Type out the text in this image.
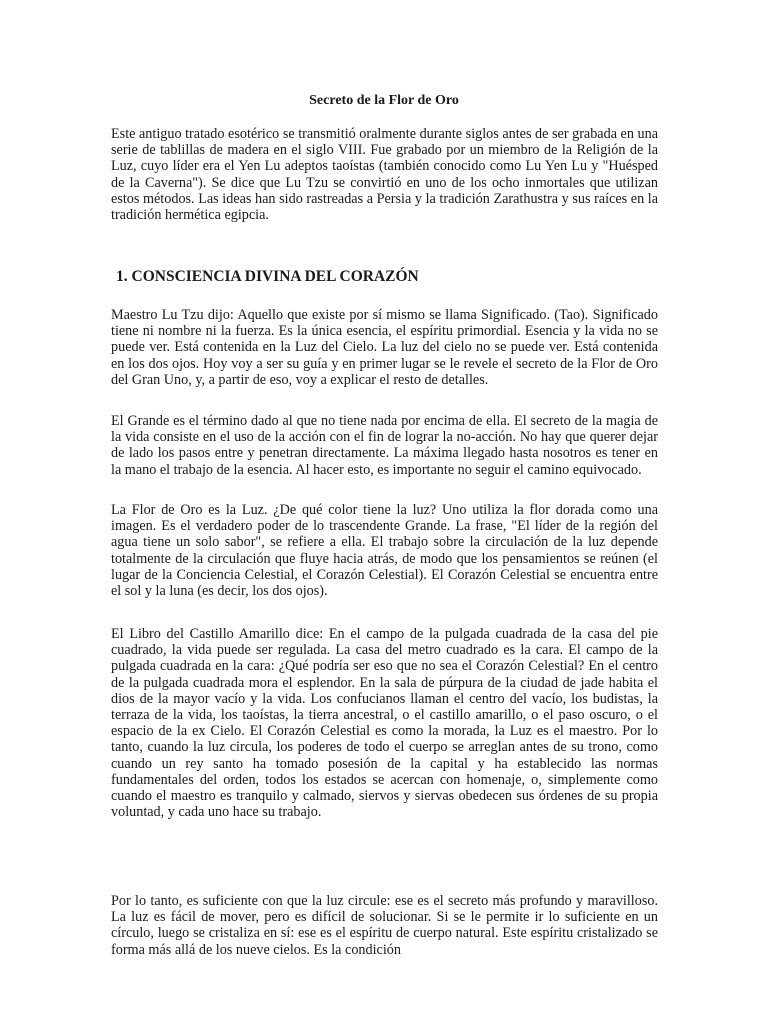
Secreto de la Flor de Oro

Este antiguo tratado esotérico se transmitió oralmente durante siglos antes de ser grabada en una serie de tablillas de madera en el siglo VIII. Fue grabado por un miembro de la Religión de la Luz, cuyo líder era el Yen Lu adeptos taoístas (también conocido como Lu Yen Lu y "Huésped de la Caverna"). Se dice que Lu Tzu se convirtió en uno de los ocho inmortales que utilizan estos métodos. Las ideas han sido rastreadas a Persia y la tradición Zarathustra y sus raíces en la tradición hermética egipcia.

1. CONSCIENCIA DIVINA DEL CORAZÓN

Maestro Lu Tzu dijo: Aquello que existe por sí mismo se llama Significado. (Tao). Significado tiene ni nombre ni la fuerza. Es la única esencia, el espíritu primordial. Esencia y la vida no se puede ver. Está contenida en la Luz del Cielo. La luz del cielo no se puede ver. Está contenida en los dos ojos. Hoy voy a ser su guía y en primer lugar se le revele el secreto de la Flor de Oro del Gran Uno, y, a partir de eso, voy a explicar el resto de detalles.

El Grande es el término dado al que no tiene nada por encima de ella. El secreto de la magia de la vida consiste en el uso de la acción con el fin de lograr la no-acción. No hay que querer dejar de lado los pasos entre y penetran directamente. La máxima llegado hasta nosotros es tener en la mano el trabajo de la esencia. Al hacer esto, es importante no seguir el camino equivocado.

La Flor de Oro es la Luz. ¿De qué color tiene la luz? Uno utiliza la flor dorada como una imagen. Es el verdadero poder de lo trascendente Grande. La frase, "El líder de la región del agua tiene un solo sabor", se refiere a ella. El trabajo sobre la circulación de la luz depende totalmente de la circulación que fluye hacia atrás, de modo que los pensamientos se reúnen (el lugar de la Conciencia Celestial, el Corazón Celestial). El Corazón Celestial se encuentra entre el sol y la luna (es decir, los dos ojos).

El Libro del Castillo Amarillo dice: En el campo de la pulgada cuadrada de la casa del pie cuadrado, la vida puede ser regulada. La casa del metro cuadrado es la cara. El campo de la pulgada cuadrada en la cara: ¿Qué podría ser eso que no sea el Corazón Celestial? En el centro de la pulgada cuadrada mora el esplendor. En la sala de púrpura de la ciudad de jade habita el dios de la mayor vacío y la vida. Los confucianos llaman el centro del vacío, los budistas, la terraza de la vida, los taoístas, la tierra ancestral, o el castillo amarillo, o el paso oscuro, o el espacio de la ex Cielo. El Corazón Celestial es como la morada, la Luz es el maestro. Por lo tanto, cuando la luz circula, los poderes de todo el cuerpo se arreglan antes de su trono, como cuando un rey santo ha tomado posesión de la capital y ha establecido las normas fundamentales del orden, todos los estados se acercan con homenaje, o, simplemente como cuando el maestro es tranquilo y calmado, siervos y siervas obedecen sus órdenes de su propia voluntad, y cada uno hace su trabajo.

Por lo tanto, es suficiente con que la luz circule: ese es el secreto más profundo y maravilloso. La luz es fácil de mover, pero es difícil de solucionar. Si se le permite ir lo suficiente en un círculo, luego se cristaliza en sí: ese es el espíritu de cuerpo natural. Este espíritu cristalizado se forma más allá de los nueve cielos. Es la condición
